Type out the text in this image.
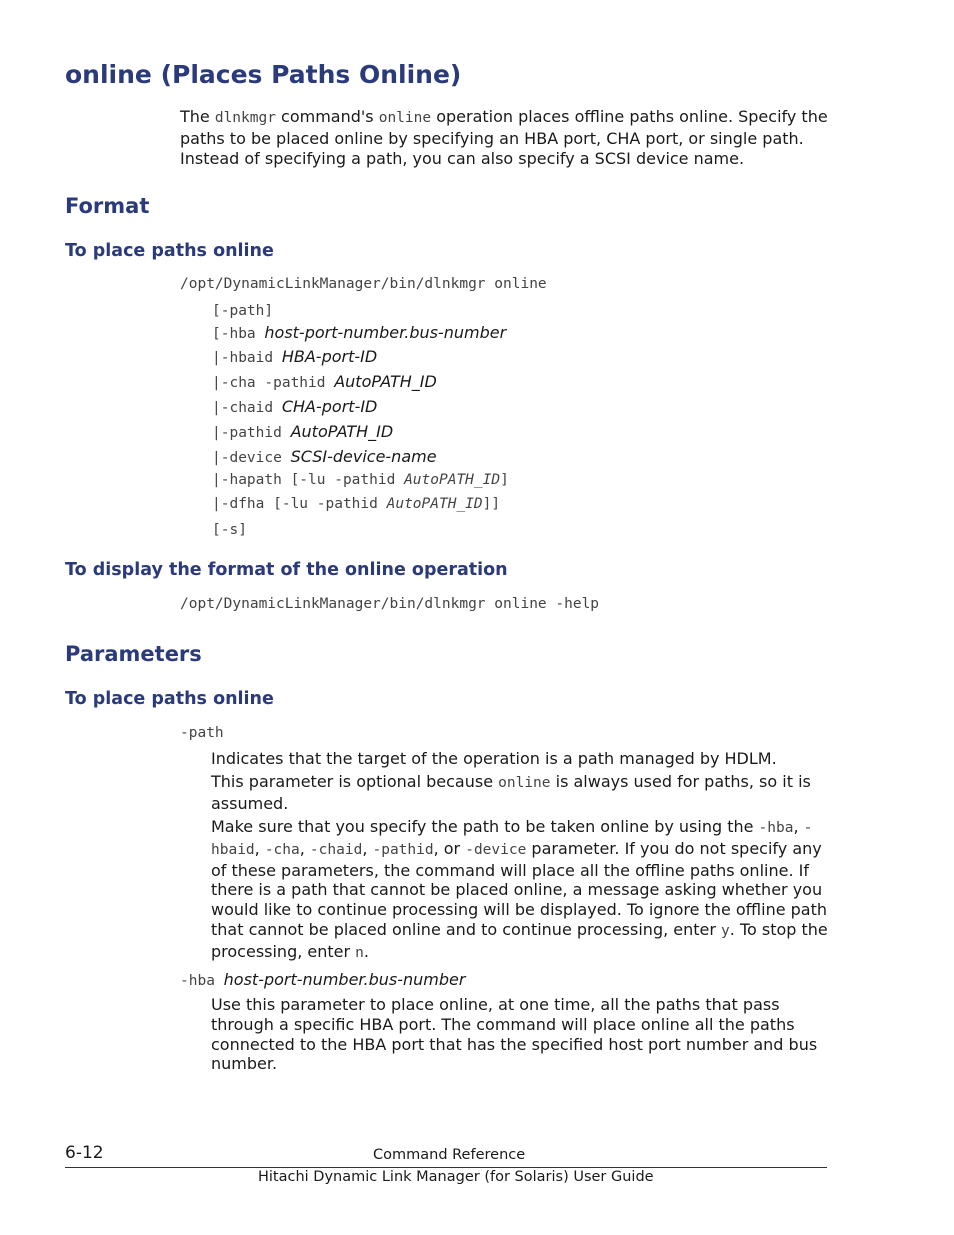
online (Places Paths Online)

The dlnkmgr command's online operation places offline paths online. Specify the paths to be placed online by specifying an HBA port, CHA port, or single path. Instead of specifying a path, you can also specify a SCSI device name.

Format
To place paths online
/opt/DynamicLinkManager/bin/dlnkmgr online
[-path]
[-hba host-port-number.bus-number
|-hbaid HBA-port-ID
|-cha -pathid AutoPATH_ID
|-chaid CHA-port-ID
|-pathid AutoPATH_ID
|-device SCSI-device-name
|-hapath [-lu -pathid AutoPATH_ID]
|-dfha [-lu -pathid AutoPATH_ID]]
[-s]
To display the format of the online operation
/opt/DynamicLinkManager/bin/dlnkmgr online -help
Parameters
To place paths online
-path

Indicates that the target of the operation is a path managed by HDLM.

This parameter is optional because online is always used for paths, so it is assumed.

Make sure that you specify the path to be taken online by using the -hba, -hbaid, -cha, -chaid, -pathid, or -device parameter. If you do not specify any of these parameters, the command will place all the offline paths online. If there is a path that cannot be placed online, a message asking whether you would like to continue processing will be displayed. To ignore the offline path that cannot be placed online and to continue processing, enter y. To stop the processing, enter n.

-hba host-port-number.bus-number

Use this parameter to place online, at one time, all the paths that pass through a specific HBA port. The command will place online all the paths connected to the HBA port that has the specified host port number and bus number.

6-12	Command Reference
Hitachi Dynamic Link Manager (for Solaris) User Guide
